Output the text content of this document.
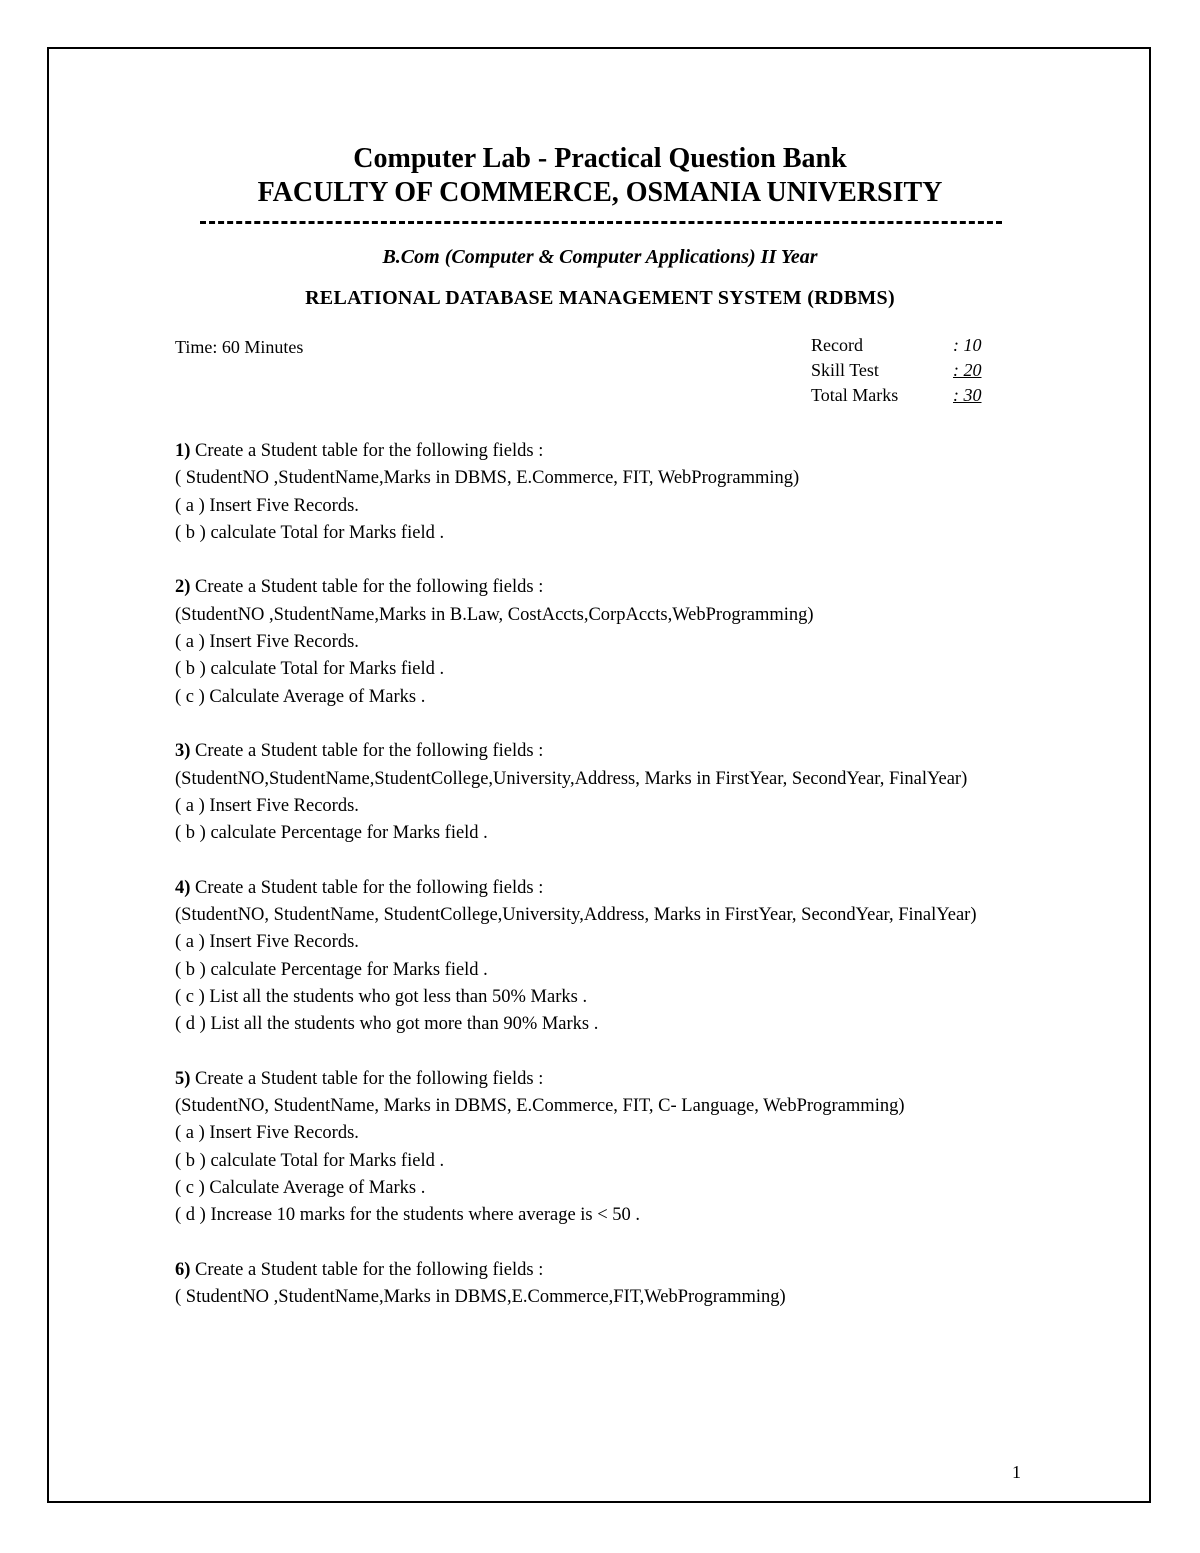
Computer Lab - Practical Question Bank
FACULTY OF COMMERCE, OSMANIA UNIVERSITY
B.Com (Computer & Computer Applications) II Year
RELATIONAL DATABASE MANAGEMENT SYSTEM (RDBMS)
Time: 60 Minutes	Record	: 10
Skill Test	: 20
Total Marks	: 30
1) Create a Student table for the following fields :
( StudentNO ,StudentName,Marks in DBMS, E.Commerce, FIT, WebProgramming)
( a ) Insert Five Records.
( b ) calculate Total for Marks field .
2) Create a Student table for the following fields :
(StudentNO ,StudentName,Marks in B.Law, CostAccts,CorpAccts,WebProgramming)
( a ) Insert Five Records.
( b ) calculate Total for Marks field .
( c ) Calculate Average of Marks .
3) Create a Student table for the following fields :
(StudentNO,StudentName,StudentCollege,University,Address, Marks in FirstYear, SecondYear, FinalYear)
( a ) Insert Five Records.
( b ) calculate Percentage for Marks field .
4) Create a Student table for the following fields :
(StudentNO, StudentName, StudentCollege,University,Address, Marks in FirstYear, SecondYear, FinalYear)
( a ) Insert Five Records.
( b ) calculate Percentage for Marks field .
( c ) List all the students who got less than 50% Marks .
( d ) List all the students who got more than 90% Marks .
5) Create a Student table for the following fields :
(StudentNO, StudentName, Marks in DBMS, E.Commerce, FIT, C- Language, WebProgramming)
( a ) Insert Five Records.
( b ) calculate Total for Marks field .
( c ) Calculate Average of Marks .
( d ) Increase 10 marks for the students where average is < 50 .
6) Create a Student table for the following fields :
( StudentNO ,StudentName,Marks in DBMS,E.Commerce,FIT,WebProgramming)
1
